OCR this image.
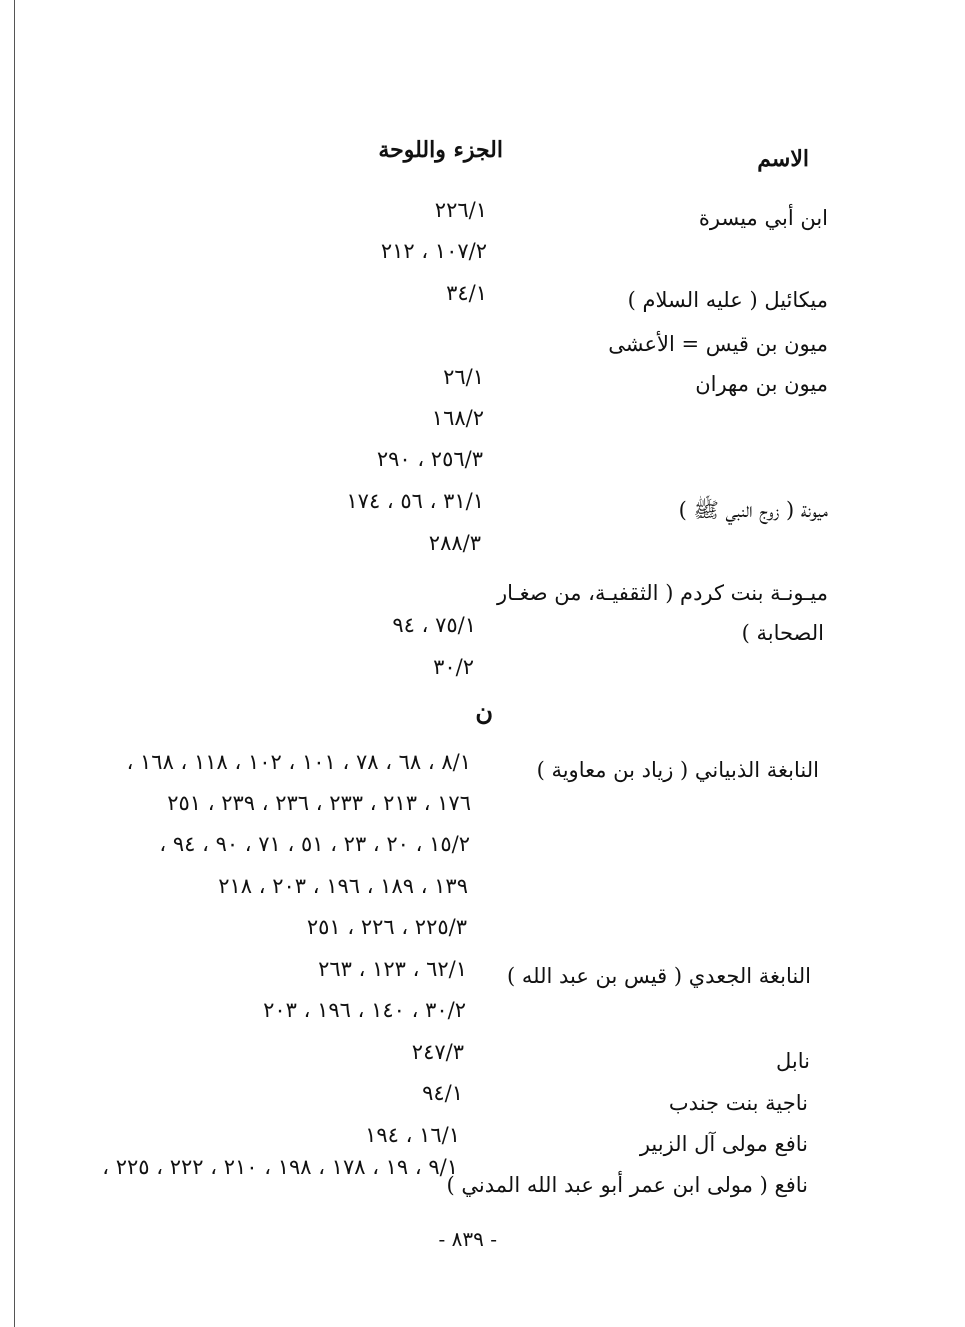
الاسم
الجزء واللوحة
ابن أبي ميسرة
ميكائيل ( عليه السلام )
ميون بن قيس = الأعشى
ميون بن مهران
ميونة ( زوج النبي ﷺ )
ميـونـة بنت كردم ( الثقفيـة، من صغـار
الصحابة )
النابغة الذبياني ( زياد بن معاوية )
النابغة الجعدي ( قيس بن عبد الله )
نابل
ناجية بنت جندب
نافع مولى آل الزبير
نافع ( مولى ابن عمر أبو عبد الله المدني )
ن
٢٢٦/١
١٠٧/٢ ، ٢١٢
٣٤/١
٢٦/١
١٦٨/٢
٢٥٦/٣ ، ٢٩٠
٣١/١ ، ٥٦ ، ١٧٤
٢٨٨/٣
٧٥/١ ، ٩٤
٣٠/٢
٨/١ ، ٦٨ ، ٧٨ ، ١٠١ ، ١٠٢ ، ١١٨ ، ١٦٨ ،
١٧٦ ، ٢١٣ ، ٢٣٣ ، ٢٣٦ ، ٢٣٩ ، ٢٥١
١٥/٢ ، ٢٠ ، ٢٣ ، ٥١ ، ٧١ ، ٩٠ ، ٩٤ ،
١٣٩ ، ١٨٩ ، ١٩٦ ، ٢٠٣ ، ٢١٨
٢٢٥/٣ ، ٢٢٦ ، ٢٥١
٦٢/١ ، ١٢٣ ، ٢٦٣
٣٠/٢ ، ١٤٠ ، ١٩٦ ، ٢٠٣
٢٤٧/٣
٩٤/١
١٦/١ ، ١٩٤
٩/١ ، ١٩ ، ١٧٨ ، ١٩٨ ، ٢١٠ ، ٢٢٢ ، ٢٢٥ ،
- ٨٣٩ -
